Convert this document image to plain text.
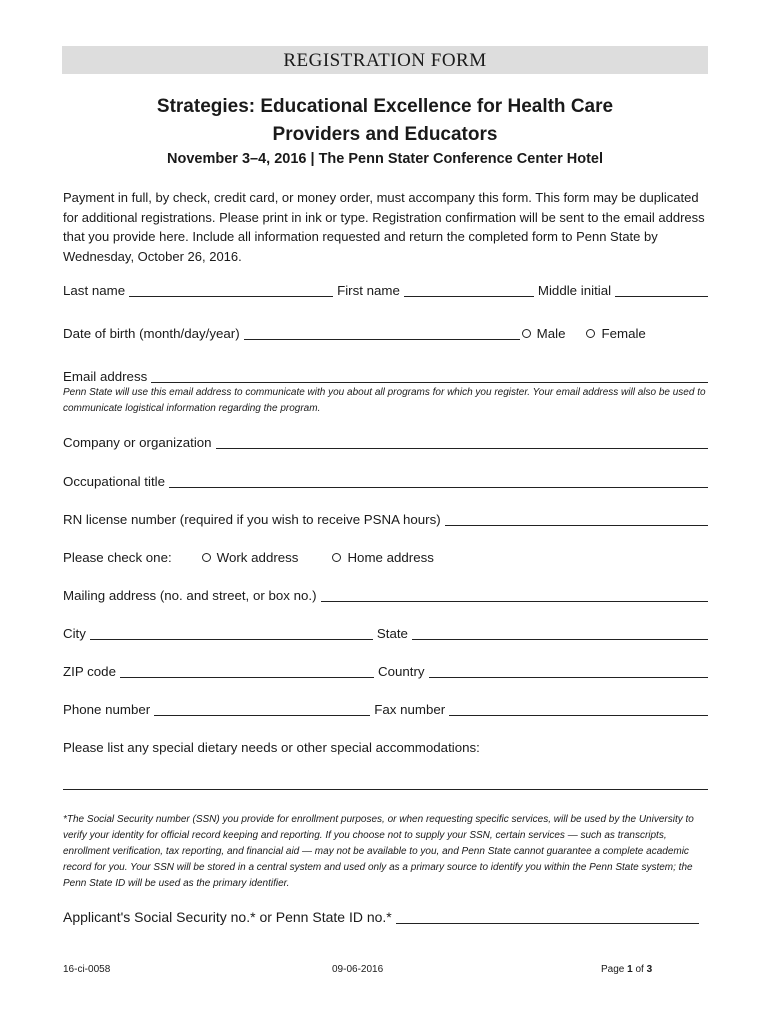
REGISTRATION FORM
Strategies: Educational Excellence for Health Care
Providers and Educators
November 3–4, 2016 | The Penn Stater Conference Center Hotel

Payment in full, by check, credit card, or money order, must accompany this form. This form may be duplicated for additional registrations. Please print in ink or type. Registration confirmation will be sent to the email address that you provide here. Include all information requested and return the completed form to Penn State by Wednesday, October 26, 2016.

Last name	First name	Middle initial
Date of birth (month/day/year)	Male	Female
Email address

Penn State will use this email address to communicate with you about all programs for which you register. Your email address will also be used to communicate logistical information regarding the program.

Company or organization
Occupational title
RN license number (required if you wish to receive PSNA hours)
Please check one:	Work address	Home address
Mailing address (no. and street, or box no.)
City	State
ZIP code	Country
Phone number	Fax number
Please list any special dietary needs or other special accommodations:

*The Social Security number (SSN) you provide for enrollment purposes, or when requesting specific services, will be used by the University to verify your identity for official record keeping and reporting. If you choose not to supply your SSN, certain services — such as transcripts, enrollment verification, tax reporting, and financial aid — may not be available to you, and Penn State cannot guarantee a complete academic record for you. Your SSN will be stored in a central system and used only as a primary source to identify you within the Penn State system; the Penn State ID will be used as the primary identifier.

Applicant's Social Security no.* or Penn State ID no.*
16-ci-0058	09-06-2016	Page 1 of 3
